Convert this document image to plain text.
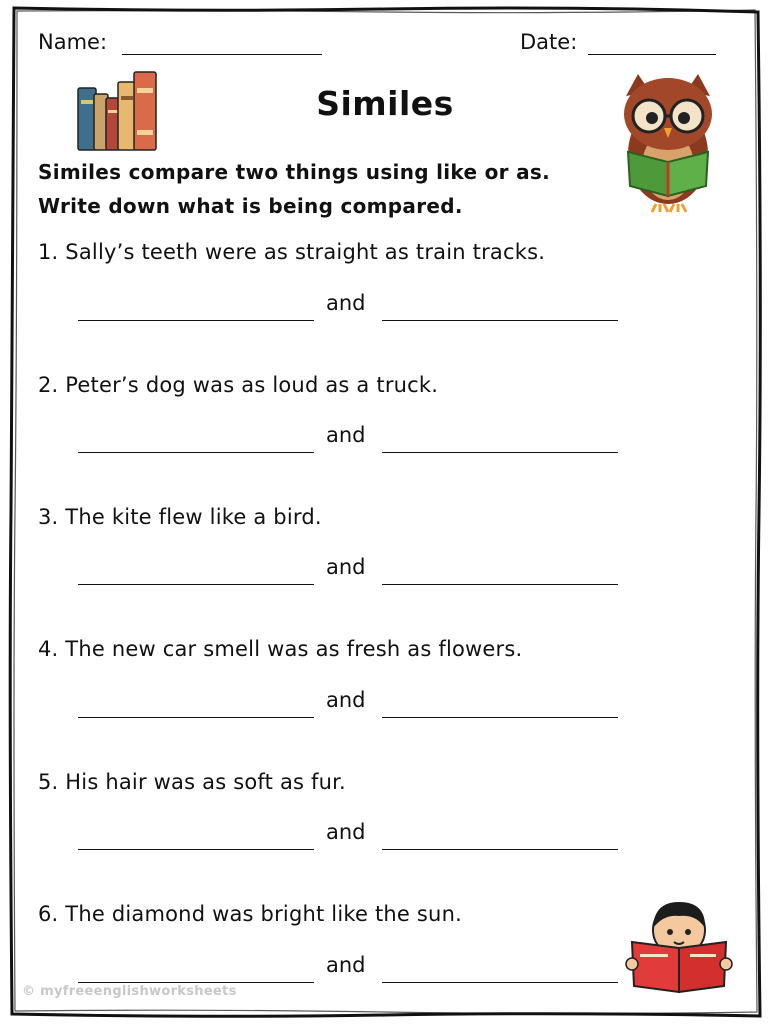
Name:	Date:
Similes
Similes compare two things using like or as.
Write down what is being compared.
1. Sally’s teeth were as straight as train tracks.
and
2. Peter’s dog was as loud as a truck.
and
3. The kite flew like a bird.
and
4. The new car smell was as fresh as flowers.
and
5. His hair was as soft as fur.
and
6. The diamond was bright like the sun.
and
© myfreeenglishworksheets
